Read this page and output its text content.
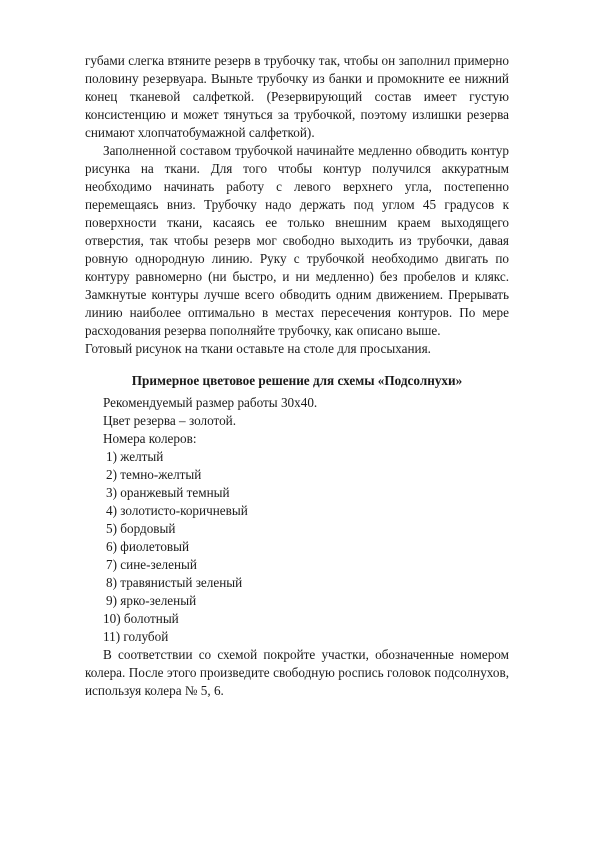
губами слегка втяните резерв в трубочку так, чтобы он заполнил примерно половину резервуара. Выньте трубочку из банки и промокните ее нижний конец тканевой салфеткой. (Резервирующий состав имеет густую консистенцию и может тянуться за трубочкой, поэтому излишки резерва снимают хлопчатобумажной салфеткой).

Заполненной составом трубочкой начинайте медленно обводить контур рисунка на ткани. Для того чтобы контур получился аккуратным необходимо начинать работу с левого верхнего угла, постепенно перемещаясь вниз. Трубочку надо держать под углом 45 градусов к поверхности ткани, касаясь ее только внешним краем выходящего отверстия, так чтобы резерв мог свободно выходить из трубочки, давая ровную однородную линию. Руку с трубочкой необходимо двигать по контуру равномерно (ни быстро, и ни медленно) без пробелов и клякс. Замкнутые контуры лучше всего обводить одним движением. Прерывать линию наиболее оптимально в местах пересечения контуров. По мере расходования резерва пополняйте трубочку, как описано выше.

Готовый рисунок на ткани оставьте на столе для просыхания.

Примерное цветовое решение для схемы «Подсолнухи»

Рекомендуемый размер работы 30х40.

Цвет резерва – золотой.

Номера колеров:

1) желтый
2) темно-желтый
3) оранжевый темный
4) золотисто-коричневый
5) бордовый
6) фиолетовый
7) сине-зеленый
8) травянистый зеленый
9) ярко-зеленый
10) болотный
11) голубой

В соответствии со схемой покройте участки, обозначенные номером колера. После этого произведите свободную роспись головок подсолнухов, используя колера № 5, 6.
